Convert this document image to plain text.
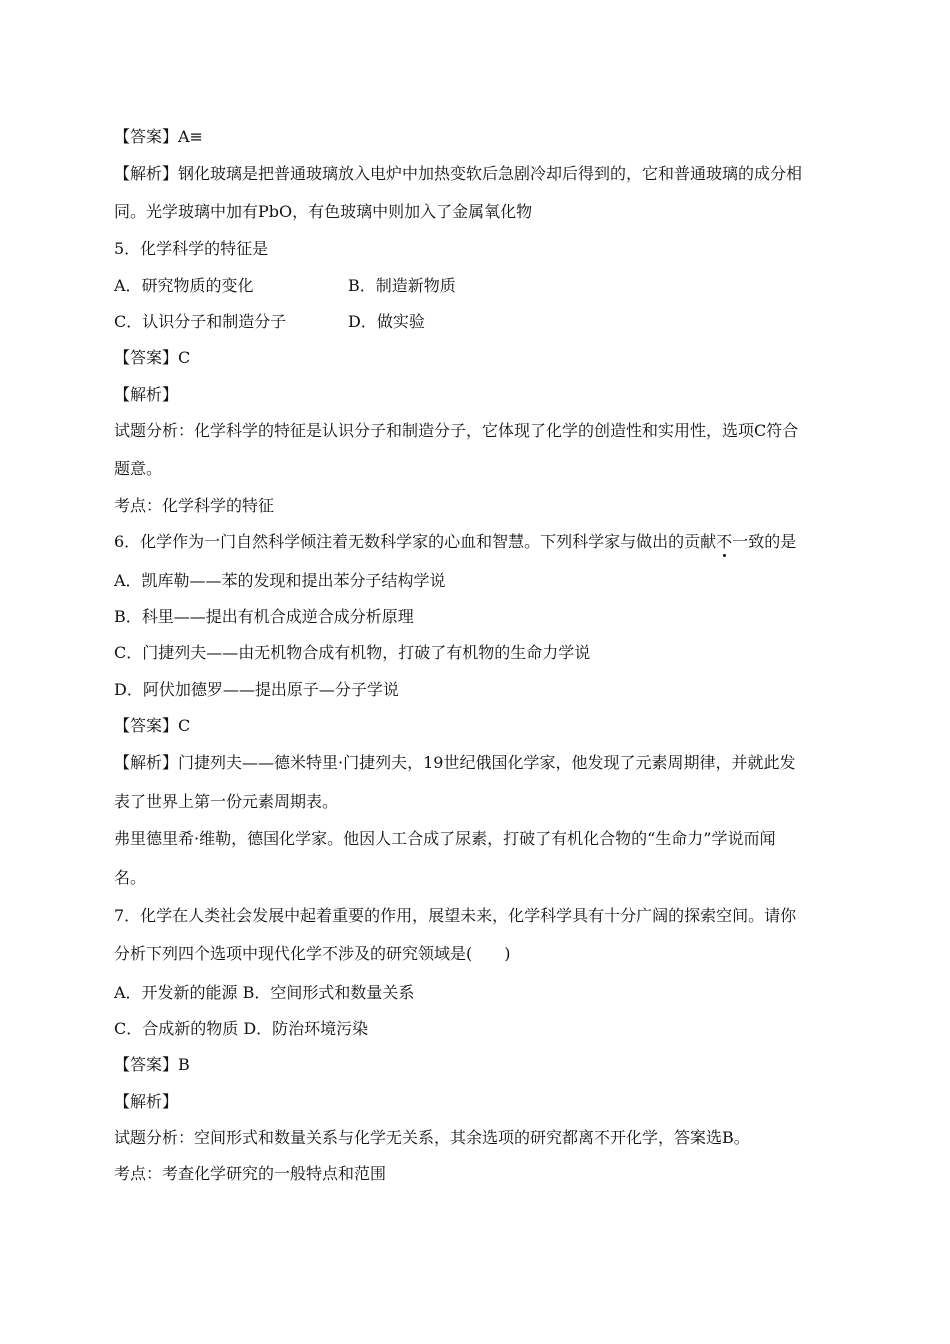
【答案】A≡
【解析】钢化玻璃是把普通玻璃放入电炉中加热变软后急剧冷却后得到的，它和普通玻璃的成分相
同。光学玻璃中加有PbO，有色玻璃中则加入了金属氧化物
5．化学科学的特征是
A．研究物质的变化	B．制造新物质
C．认识分子和制造分子	D．做实验
【答案】C
【解析】
试题分析：化学科学的特征是认识分子和制造分子，它体现了化学的创造性和实用性，选项C符合
题意。
考点：化学科学的特征
6．化学作为一门自然科学倾注着无数科学家的心血和智慧。下列科学家与做出的贡献不一致的是
A．凯库勒——苯的发现和提出苯分子结构学说
B．科里——提出有机合成逆合成分析原理
C．门捷列夫——由无机物合成有机物，打破了有机物的生命力学说
D．阿伏加德罗——提出原子—分子学说
【答案】C
【解析】门捷列夫——德米特里·门捷列夫，19世纪俄国化学家，他发现了元素周期律，并就此发
表了世界上第一份元素周期表。
弗里德里希·维勒，德国化学家。他因人工合成了尿素，打破了有机化合物的“生命力”学说而闻
名。
7．化学在人类社会发展中起着重要的作用，展望未来，化学科学具有十分广阔的探索空间。请你
分析下列四个选项中现代化学不涉及的研究领域是(　　)
A．开发新的能源 B．空间形式和数量关系
C．合成新的物质 D．防治环境污染
【答案】B
【解析】
试题分析：空间形式和数量关系与化学无关系，其余选项的研究都离不开化学，答案选B。
考点：考查化学研究的一般特点和范围
